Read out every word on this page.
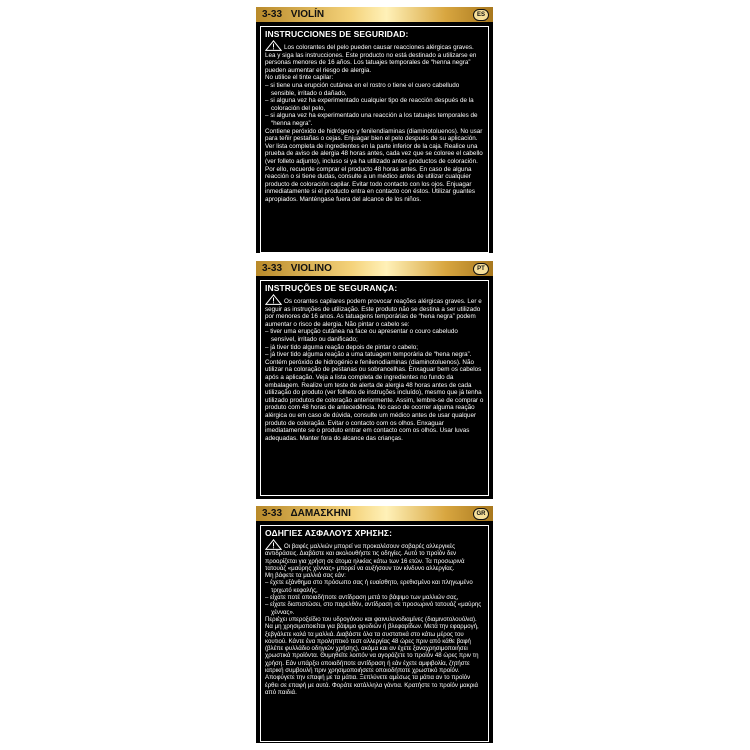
3-33 VIOLÍN	ES
INSTRUCCIONES DE SEGURIDAD:

Los colorantes del pelo pueden causar reacciones alérgicas graves. Lea y siga las instrucciones. Este producto no está destinado a utilizarse en personas menores de 16 años. Los tatuajes temporales de “henna negra” pueden aumentar el riesgo de alergia.

No utilice el tinte capilar:

– si tiene una erupción cutánea en el rostro o tiene el cuero cabelludo sensible, irritado o dañado,

– si alguna vez ha experimentado cualquier tipo de reacción después de la coloración del pelo,

– si alguna vez ha experimentado una reacción a los tatuajes temporales de “henna negra”.

Contiene peróxido de hidrógeno y fenilendiaminas (diaminotoluenos). No usar para teñir pestañas o cejas. Enjuagar bien el pelo después de su aplicación. Ver lista completa de ingredientes en la parte inferior de la caja. Realice una prueba de aviso de alergia 48 horas antes, cada vez que se coloree el cabello (ver folleto adjunto), incluso si ya ha utilizado antes productos de coloración. Por ello, recuerde comprar el producto 48 horas antes. En caso de alguna reacción o si tiene dudas, consulte a un médico antes de utilizar cualquier producto de coloración capilar. Evitar todo contacto con los ojos. Enjuagar inmediatamente si el producto entra en contacto con éstos. Utilizar guantes apropiados. Manténgase fuera del alcance de los niños.

3-33 VIOLINO	PT
INSTRUÇÕES DE SEGURANÇA:

Os corantes capilares podem provocar reações alérgicas graves. Ler e seguir as instruções de utilização. Este produto não se destina a ser utilizado por menores de 16 anos. As tatuagens temporárias de “hena negra” podem aumentar o risco de alergia. Não pintar o cabelo se:

– tiver uma erupção cutânea na face ou apresentar o couro cabeludo sensível, irritado ou danificado;

– já tiver tido alguma reação depois de pintar o cabelo;

– já tiver tido alguma reação a uma tatuagem temporária de “hena negra”.

Contém peróxido de hidrogénio e fenilenodiaminas (diaminotoluenos). Não utilizar na coloração de pestanas ou sobrancelhas. Enxaguar bem os cabelos após a aplicação. Veja a lista completa de ingredientes no fundo da embalagem. Realize um teste de alerta de alergia 48 horas antes de cada utilização do produto (ver folheto de instruções incluído), mesmo que já tenha utilizado produtos de coloração anteriormente. Assim, lembre-se de comprar o produto com 48 horas de antecedência. No caso de ocorrer alguma reação alérgica ou em caso de dúvida, consulte um médico antes de usar qualquer produto de coloração. Evitar o contacto com os olhos. Enxaguar imediatamente se o produto entrar em contacto com os olhos. Usar luvas adequadas. Manter fora do alcance das crianças.

3-33 ΔΑΜΑΣΚΗΝΙ	GR
ΟΔΗΓΙΕΣ ΑΣΦΑΛΟΥΣ ΧΡΗΣΗΣ:

Οι βαφές μαλλιών μπορεί να προκαλέσουν σοβαρές αλλεργικές αντιδράσεις. Διαβάστε και ακολουθήστε τις οδηγίες. Αυτό το προϊόν δεν προορίζεται για χρήση σε άτομα ηλικίας κάτω των 16 ετών. Τα προσωρινά τατουάζ «μαύρης χέννας» μπορεί να αυξήσουν τον κίνδυνο αλλεργίας.

Μη βάφετε τα μαλλιά σας εάν:

– έχετε εξάνθημα στο πρόσωπο σας ή ευαίσθητο, ερεθισμένο και πληγωμένο τριχωτό κεφαλής,

– είχατε ποτέ οποιαδήποτε αντίδραση μετά το βάψιμο των μαλλιών σας,

– είχατε διαπιστώσει, στο παρελθόν, αντίδραση σε προσωρινό τατουάζ «μαύρης χέννας».

Περιέχει υπεροξείδιο του υδρογόνου και φαινυλενοδιαμίνες (διαμινοτολουόλια). Να μη χρησιμοποιείται για βάψιμο φρυδιών ή βλεφαρίδων. Μετά την εφαρμογή, ξεβγάλετε καλά τα μαλλιά. Διαβάστε όλα τα συστατικά στο κάτω μέρος του κουτιού. Κάντε ένα προληπτικό τεστ αλλεργίας 48 ώρες πριν από κάθε βαφή (βλέπε φυλλάδιο οδηγιών χρήσης), ακόμα και αν έχετε ξαναχρησιμοποιήσει χρωστικά προϊόντα. Θυμηθείτε λοιπόν να αγοράζετε το προϊόν 48 ώρες πριν τη χρήση. Εάν υπάρξει οποιαδήποτε αντίδραση ή εάν έχετε αμφιβολία, ζητήστε ιατρική συμβουλή πριν χρησιμοποιήσετε οποιοδήποτε χρωστικό προϊόν. Αποφύγετε την επαφή με τα μάτια. Ξεπλύνετε αμέσως τα μάτια αν το προϊόν έρθει σε επαφή με αυτά. Φοράτε κατάλληλα γάντια. Κρατήστε το προϊόν μακριά από παιδιά.
